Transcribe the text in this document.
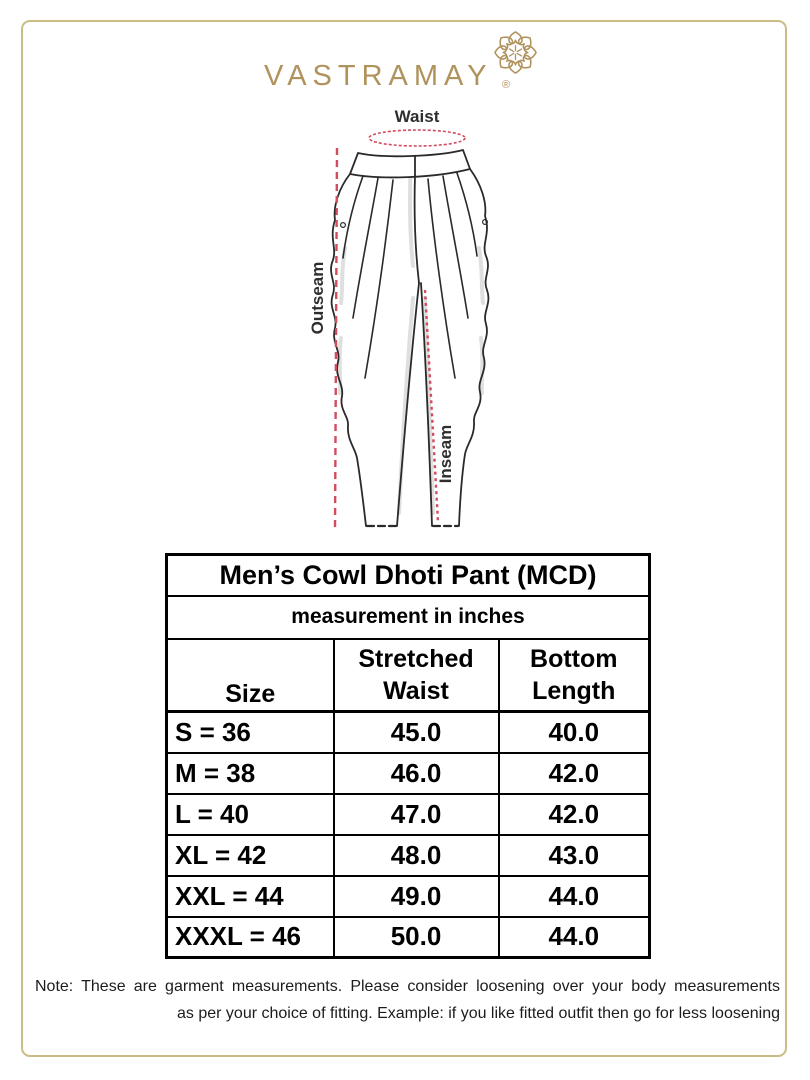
VASTRAMAY ®
Waist
Outseam
Inseam
Men’s Cowl Dhoti Pant (MCD)		
measurement in inches		
Size	Stretched Waist	Bottom Length
S = 36	45.0	40.0
M = 38	46.0	42.0
L = 40	47.0	42.0
XL = 42	48.0	43.0
XXL = 44	49.0	44.0
XXXL = 46	50.0	44.0

Note: These are garment measurements. Please consider loosening over your body measurements

as per your choice of fitting. Example: if you like fitted outfit then go for less loosening
